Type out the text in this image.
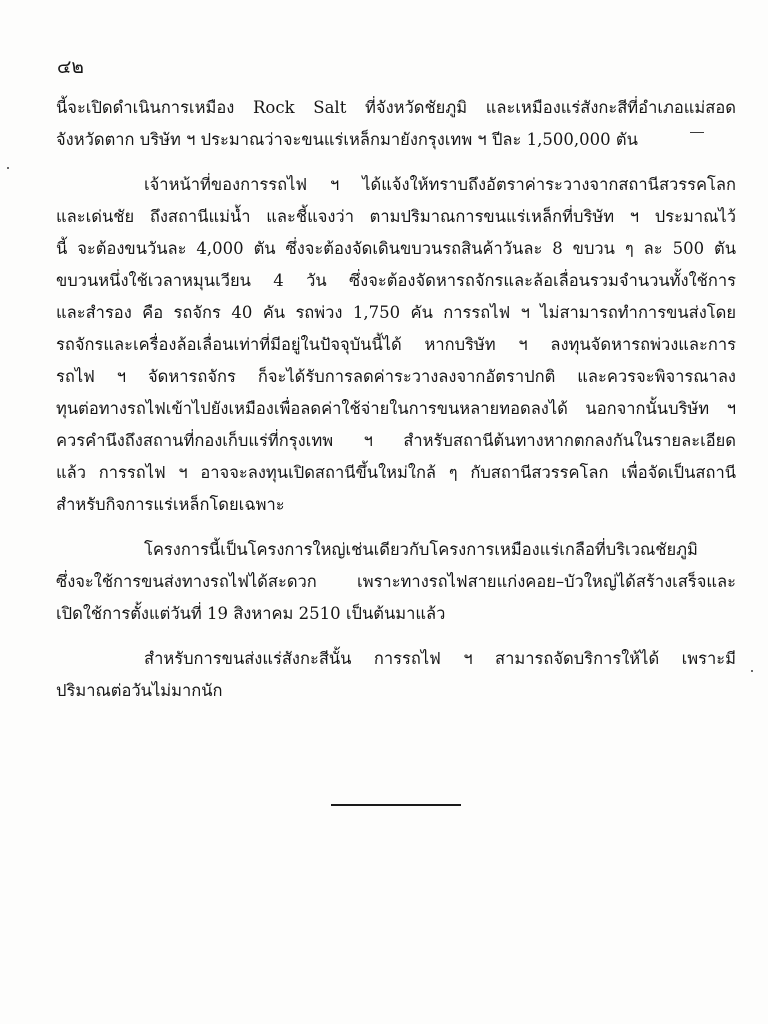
๔๒
นี้จะเปิดดำเนินการเหมือง Rock Salt ที่จังหวัดชัยภูมิ และเหมืองแร่สังกะสีที่อำเภอแม่สอด
จังหวัดตาก บริษัท ฯ ประมาณว่าจะขนแร่เหล็กมายังกรุงเทพ ฯ ปีละ 1,500,000 ตัน
เจ้าหน้าที่ของการรถไฟ ฯ ได้แจ้งให้ทราบถึงอัตราค่าระวางจากสถานีสวรรคโลก
และเด่นชัย ถึงสถานีแม่น้ำ และชี้แจงว่า ตามปริมาณการขนแร่เหล็กที่บริษัท ฯ ประมาณไว้
นี้ จะต้องขนวันละ 4,000 ตัน ซึ่งจะต้องจัดเดินขบวนรถสินค้าวันละ 8 ขบวน ๆ ละ 500 ตัน
ขบวนหนึ่งใช้เวลาหมุนเวียน 4 วัน ซึ่งจะต้องจัดหารถจักรและล้อเลื่อนรวมจำนวนทั้งใช้การ
และสำรอง คือ รถจักร 40 คัน รถพ่วง 1,750 คัน การรถไฟ ฯ ไม่สามารถทำการขนส่งโดย
รถจักรและเครื่องล้อเลื่อนเท่าที่มีอยู่ในปัจจุบันนี้ได้ หากบริษัท ฯ ลงทุนจัดหารถพ่วงและการ
รถไฟ ฯ จัดหารถจักร ก็จะได้รับการลดค่าระวางลงจากอัตราปกติ และควรจะพิจารณาลง
ทุนต่อทางรถไฟเข้าไปยังเหมืองเพื่อลดค่าใช้จ่ายในการขนหลายทอดลงได้ นอกจากนั้นบริษัท ฯ
ควรคำนึงถึงสถานที่กองเก็บแร่ที่กรุงเทพ ฯ สำหรับสถานีต้นทางหากตกลงกันในรายละเอียด
แล้ว การรถไฟ ฯ อาจจะลงทุนเปิดสถานีขึ้นใหม่ใกล้ ๆ กับสถานีสวรรคโลก เพื่อจัดเป็นสถานี
สำหรับกิจการแร่เหล็กโดยเฉพาะ
โครงการนี้เป็นโครงการใหญ่เช่นเดียวกับโครงการเหมืองแร่เกลือที่บริเวณชัยภูมิ
ซึ่งจะใช้การขนส่งทางรถไฟได้สะดวก เพราะทางรถไฟสายแก่งคอย–บัวใหญ่ได้สร้างเสร็จและ
เปิดใช้การตั้งแต่วันที่ 19 สิงหาคม 2510 เป็นต้นมาแล้ว
สำหรับการขนส่งแร่สังกะสีนั้น การรถไฟ ฯ สามารถจัดบริการให้ได้ เพราะมี
ปริมาณต่อวันไม่มากนัก
